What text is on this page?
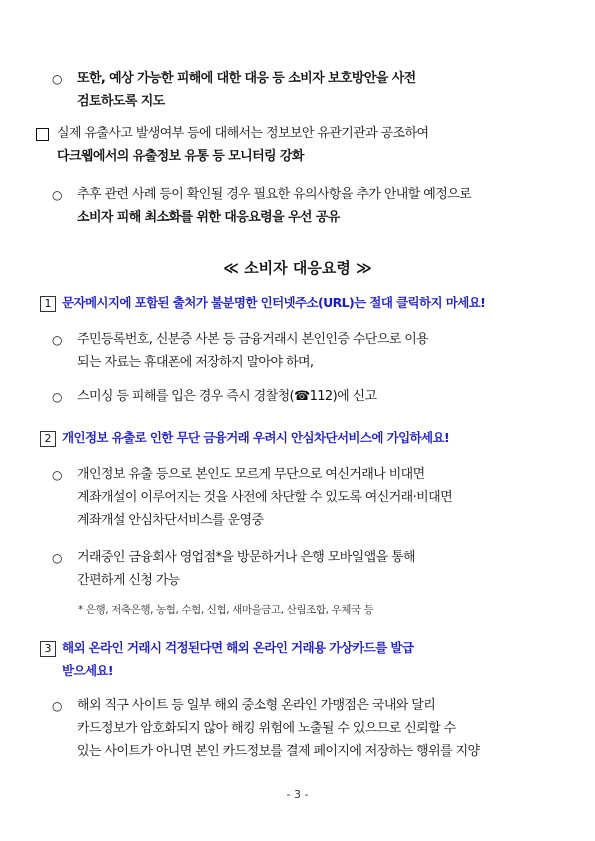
○ 또한, 예상 가능한 피해에 대한 대응 등 소비자 보호방안을 사전
검토하도록 지도
실제 유출사고 발생여부 등에 대해서는 정보보안 유관기관과 공조하여
다크웹에서의 유출정보 유통 등 모니터링 강화
○ 추후 관련 사례 등이 확인될 경우 필요한 유의사항을 추가 안내할 예정으로
소비자 피해 최소화를 위한 대응요령을 우선 공유
≪ 소비자 대응요령 ≫
1 문자메시지에 포함된 출처가 불분명한 인터넷주소(URL)는 절대 클릭하지 마세요!
○ 주민등록번호, 신분증 사본 등 금융거래시 본인인증 수단으로 이용
되는 자료는 휴대폰에 저장하지 말아야 하며,
○ 스미싱 등 피해를 입은 경우 즉시 경찰청(☎112)에 신고
2 개인정보 유출로 인한 무단 금융거래 우려시 안심차단서비스에 가입하세요!
○ 개인정보 유출 등으로 본인도 모르게 무단으로 여신거래나 비대면
계좌개설이 이루어지는 것을 사전에 차단할 수 있도록 여신거래·비대면
계좌개설 안심차단서비스를 운영중
○ 거래중인 금융회사 영업점*을 방문하거나 은행 모바일앱을 통해
간편하게 신청 가능
* 은행, 저축은행, 농협, 수협, 신협, 새마을금고, 산림조합, 우체국 등
3 해외 온라인 거래시 걱정된다면 해외 온라인 거래용 가상카드를 발급
받으세요!
○ 해외 직구 사이트 등 일부 해외 중소형 온라인 가맹점은 국내와 달리
카드정보가 암호화되지 않아 해킹 위험에 노출될 수 있으므로 신뢰할 수
있는 사이트가 아니면 본인 카드정보를 결제 페이지에 저장하는 행위를 지양
- 3 -
